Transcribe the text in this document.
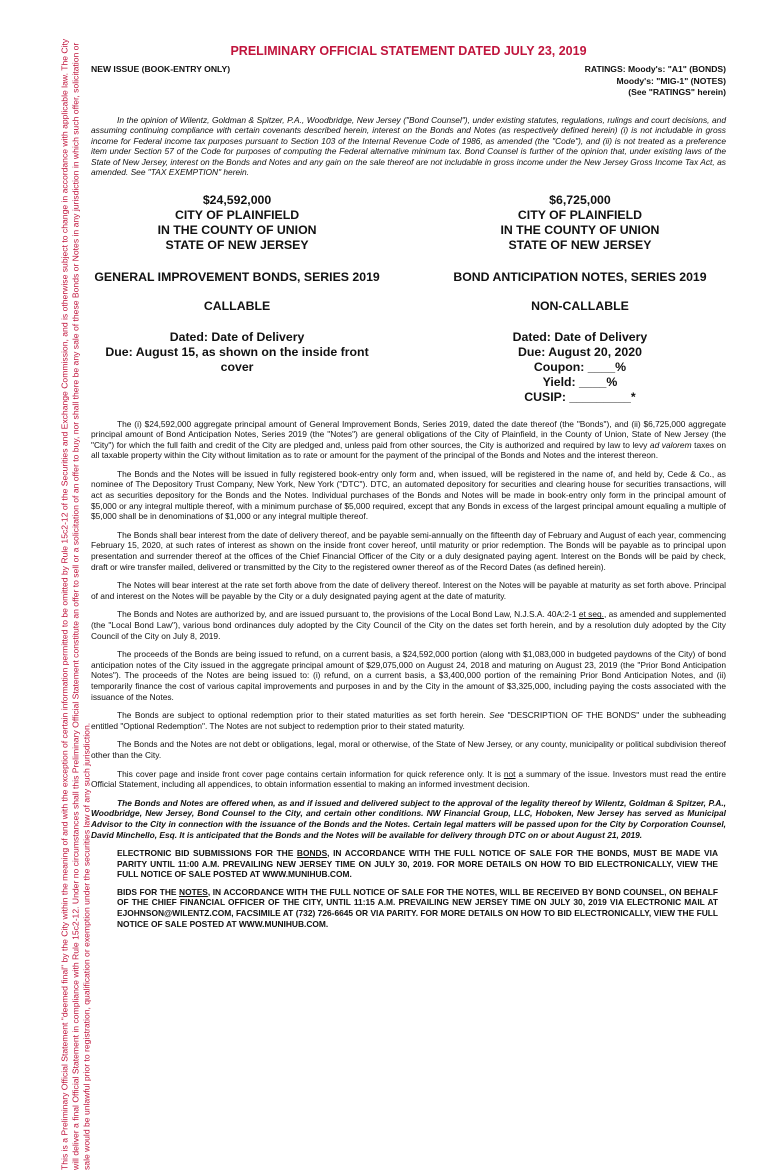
This is a Preliminary Official Statement "deemed final" by the City within the meaning of and with the exception of certain information permitted to be omitted by Rule 15c2-12 of the Securities and Exchange Commission, and is otherwise subject to change in accordance with applicable law. The City will deliver a final Official Statement in compliance with Rule 15c2-12. Under no circumstances shall this Preliminary Official Statement constitute an offer to sell or a solicitation of an offer to buy, nor shall there be any sale of these Bonds or Notes in any jurisdiction in which such offer, solicitation or sale would be unlawful prior to registration, qualification or exemption under the securities law of any such jurisdiction.
PRELIMINARY OFFICIAL STATEMENT DATED JULY 23, 2019
NEW ISSUE (BOOK-ENTRY ONLY)	RATINGS: Moody's: "A1" (BONDS)
Moody's: "MIG-1" (NOTES)
(See "RATINGS" herein)

In the opinion of Wilentz, Goldman & Spitzer, P.A., Woodbridge, New Jersey ("Bond Counsel"), under existing statutes, regulations, rulings and court decisions, and assuming continuing compliance with certain covenants described herein, interest on the Bonds and Notes (as respectively defined herein) (i) is not includable in gross income for Federal income tax purposes pursuant to Section 103 of the Internal Revenue Code of 1986, as amended (the "Code"), and (ii) is not treated as a preference item under Section 57 of the Code for purposes of computing the Federal alternative minimum tax. Bond Counsel is further of the opinion that, under existing laws of the State of New Jersey, interest on the Bonds and Notes and any gain on the sale thereof are not includable in gross income under the New Jersey Gross Income Tax Act, as amended. See "TAX EXEMPTION" herein.

$24,592,000
CITY OF PLAINFIELD
IN THE COUNTY OF UNION
STATE OF NEW JERSEY
GENERAL IMPROVEMENT BONDS, SERIES 2019
CALLABLE
Dated: Date of Delivery
Due: August 15, as shown on the inside front cover
$6,725,000
CITY OF PLAINFIELD
IN THE COUNTY OF UNION
STATE OF NEW JERSEY
BOND ANTICIPATION NOTES, SERIES 2019
NON-CALLABLE
Dated: Date of Delivery
Due: August 20, 2020
Coupon: ____%
Yield: ____%
CUSIP: _________*

The (i) $24,592,000 aggregate principal amount of General Improvement Bonds, Series 2019, dated the date thereof (the "Bonds"), and (ii) $6,725,000 aggregate principal amount of Bond Anticipation Notes, Series 2019 (the "Notes") are general obligations of the City of Plainfield, in the County of Union, State of New Jersey (the "City") for which the full faith and credit of the City are pledged and, unless paid from other sources, the City is authorized and required by law to levy ad valorem taxes on all taxable property within the City without limitation as to rate or amount for the payment of the principal of the Bonds and Notes and the interest thereon.

The Bonds and the Notes will be issued in fully registered book-entry only form and, when issued, will be registered in the name of, and held by, Cede & Co., as nominee of The Depository Trust Company, New York, New York ("DTC"). DTC, an automated depository for securities and clearing house for securities transactions, will act as securities depository for the Bonds and the Notes. Individual purchases of the Bonds and Notes will be made in book-entry only form in the principal amount of $5,000 or any integral multiple thereof, with a minimum purchase of $5,000 required, except that any Bonds in excess of the largest principal amount equaling a multiple of $5,000 shall be in denominations of $1,000 or any integral multiple thereof.

The Bonds shall bear interest from the date of delivery thereof, and be payable semi-annually on the fifteenth day of February and August of each year, commencing February 15, 2020, at such rates of interest as shown on the inside front cover hereof, until maturity or prior redemption. The Bonds will be payable as to principal upon presentation and surrender thereof at the offices of the Chief Financial Officer of the City or a duly designated paying agent. Interest on the Bonds will be paid by check, draft or wire transfer mailed, delivered or transmitted by the City to the registered owner thereof as of the Record Dates (as defined herein).

The Notes will bear interest at the rate set forth above from the date of delivery thereof. Interest on the Notes will be payable at maturity as set forth above. Principal of and interest on the Notes will be payable by the City or a duly designated paying agent at the date of maturity.

The Bonds and Notes are authorized by, and are issued pursuant to, the provisions of the Local Bond Law, N.J.S.A. 40A:2-1 et seq., as amended and supplemented (the "Local Bond Law"), various bond ordinances duly adopted by the City Council of the City on the dates set forth herein, and by a resolution duly adopted by the City Council of the City on July 8, 2019.

The proceeds of the Bonds are being issued to refund, on a current basis, a $24,592,000 portion (along with $1,083,000 in budgeted paydowns of the City) of bond anticipation notes of the City issued in the aggregate principal amount of $29,075,000 on August 24, 2018 and maturing on August 23, 2019 (the "Prior Bond Anticipation Notes"). The proceeds of the Notes are being issued to: (i) refund, on a current basis, a $3,400,000 portion of the remaining Prior Bond Anticipation Notes, and (ii) temporarily finance the cost of various capital improvements and purposes in and by the City in the amount of $3,325,000, including paying the costs associated with the issuance of the Notes.

The Bonds are subject to optional redemption prior to their stated maturities as set forth herein. See "DESCRIPTION OF THE BONDS" under the subheading entitled "Optional Redemption". The Notes are not subject to redemption prior to their stated maturity.

The Bonds and the Notes are not debt or obligations, legal, moral or otherwise, of the State of New Jersey, or any county, municipality or political subdivision thereof other than the City.

This cover page and inside front cover page contains certain information for quick reference only. It is not a summary of the issue. Investors must read the entire Official Statement, including all appendices, to obtain information essential to making an informed investment decision.

The Bonds and Notes are offered when, as and if issued and delivered subject to the approval of the legality thereof by Wilentz, Goldman & Spitzer, P.A., Woodbridge, New Jersey, Bond Counsel to the City, and certain other conditions. NW Financial Group, LLC, Hoboken, New Jersey has served as Municipal Advisor to the City in connection with the issuance of the Bonds and the Notes. Certain legal matters will be passed upon for the City by Corporation Counsel, David Minchello, Esq. It is anticipated that the Bonds and the Notes will be available for delivery through DTC on or about August 21, 2019.

ELECTRONIC BID SUBMISSIONS FOR THE BONDS, IN ACCORDANCE WITH THE FULL NOTICE OF SALE FOR THE BONDS, MUST BE MADE VIA PARITY UNTIL 11:00 A.M. PREVAILING NEW JERSEY TIME ON JULY 30, 2019. FOR MORE DETAILS ON HOW TO BID ELECTRONICALLY, VIEW THE FULL NOTICE OF SALE POSTED AT WWW.MUNIHUB.COM.

BIDS FOR THE NOTES, IN ACCORDANCE WITH THE FULL NOTICE OF SALE FOR THE NOTES, WILL BE RECEIVED BY BOND COUNSEL, ON BEHALF OF THE CHIEF FINANCIAL OFFICER OF THE CITY, UNTIL 11:15 A.M. PREVAILING NEW JERSEY TIME ON JULY 30, 2019 VIA ELECTRONIC MAIL AT EJOHNSON@WILENTZ.COM, FACSIMILE AT (732) 726-6645 OR VIA PARITY. FOR MORE DETAILS ON HOW TO BID ELECTRONICALLY, VIEW THE FULL NOTICE OF SALE POSTED AT WWW.MUNIHUB.COM.
